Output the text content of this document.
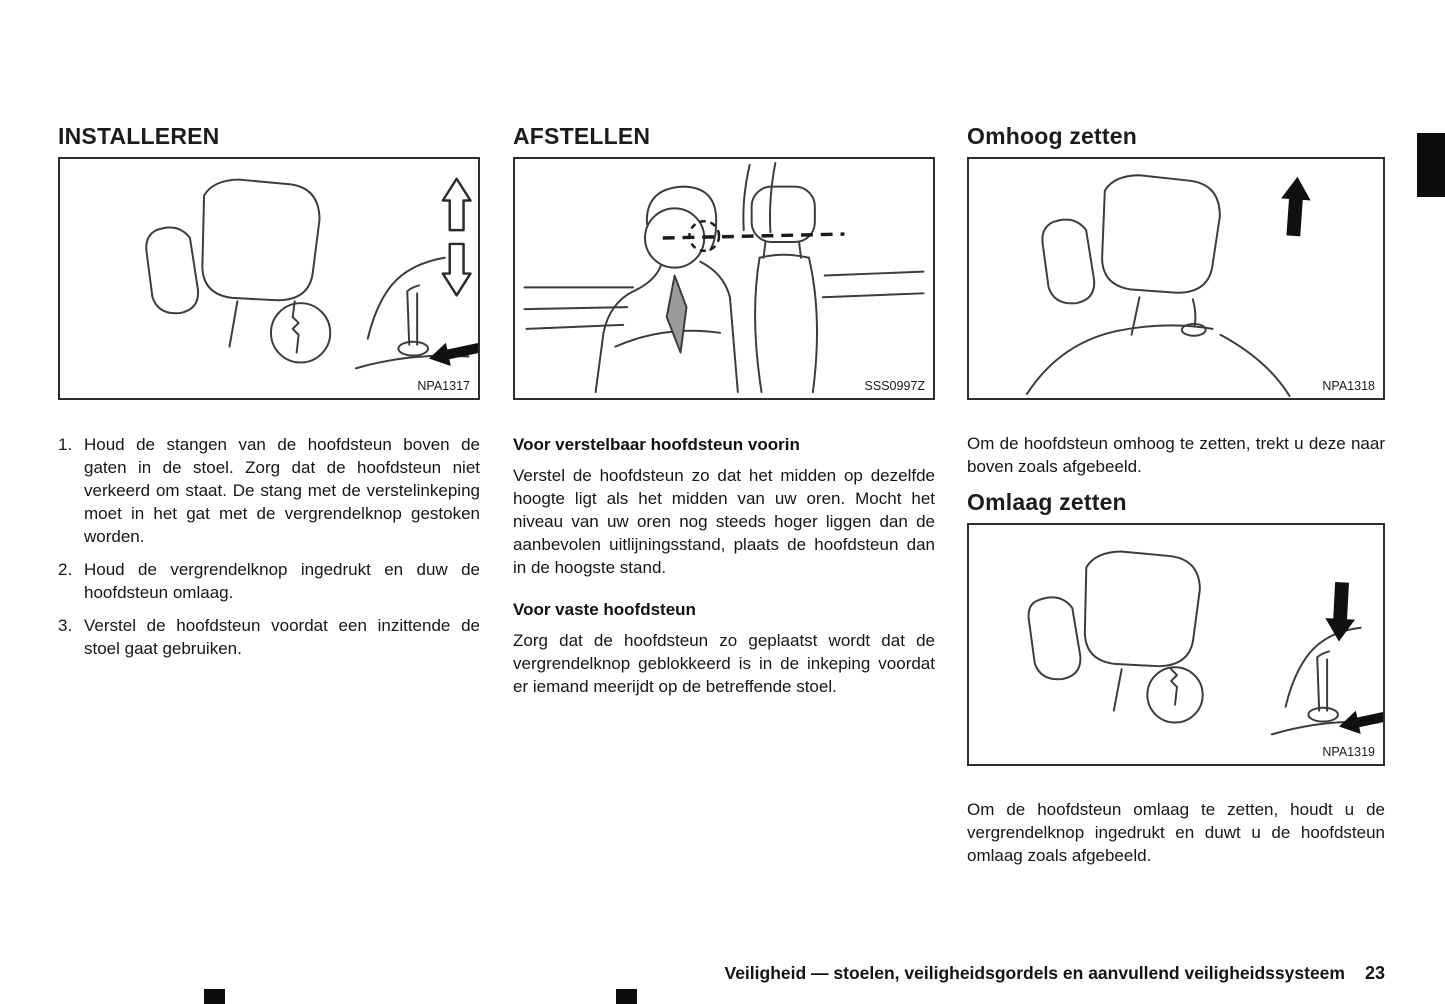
INSTALLEREN
NPA1317
1. Houd de stangen van de hoofdsteun boven de gaten in de stoel. Zorg dat de hoofdsteun niet verkeerd om staat. De stang met de verstelinkeping moet in het gat met de vergrendelknop gestoken worden.
2. Houd de vergrendelknop ingedrukt en duw de hoofdsteun omlaag.
3. Verstel de hoofdsteun voordat een inzittende de stoel gaat gebruiken.
AFSTELLEN
SSS0997Z
Voor verstelbaar hoofdsteun voorin

Verstel de hoofdsteun zo dat het midden op dezelfde hoogte ligt als het midden van uw oren. Mocht het niveau van uw oren nog steeds hoger liggen dan de aanbevolen uitlijningsstand, plaats de hoofdsteun dan in de hoogste stand.

Voor vaste hoofdsteun

Zorg dat de hoofdsteun zo geplaatst wordt dat de vergrendelknop geblokkeerd is in de inkeping voordat er iemand meerijdt op de betreffende stoel.

Omhoog zetten
NPA1318

Om de hoofdsteun omhoog te zetten, trekt u deze naar boven zoals afgebeeld.

Omlaag zetten
NPA1319

Om de hoofdsteun omlaag te zetten, houdt u de vergrendelknop ingedrukt en duwt u de hoofdsteun omlaag zoals afgebeeld.

Veiligheid — stoelen, veiligheidsgordels en aanvullend veiligheidssysteem 23
